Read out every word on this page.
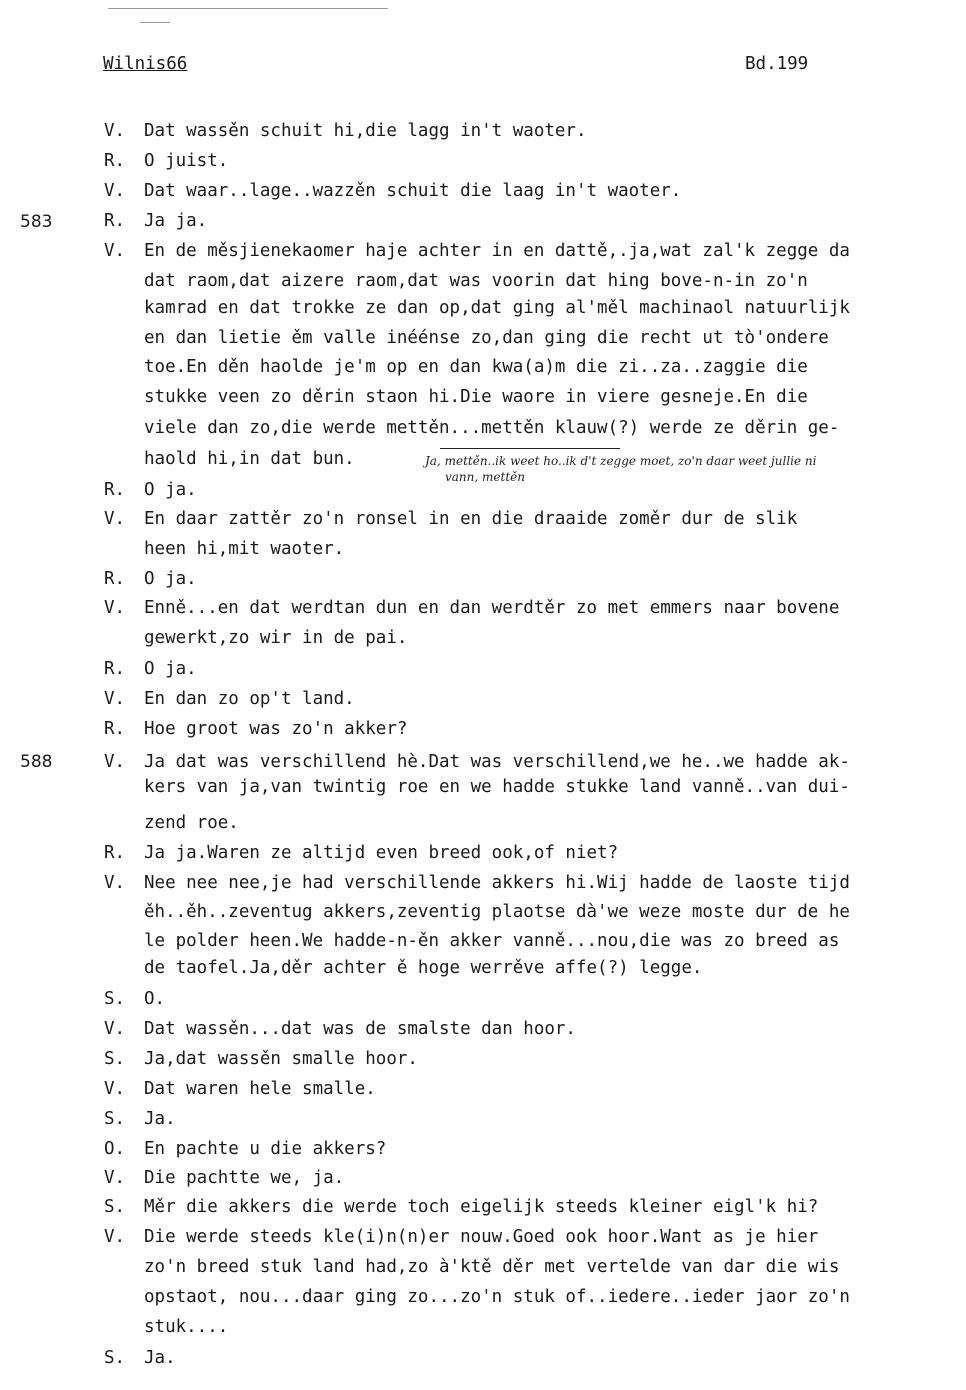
Wilnis66	Bd.199
583
588
V. Dat wassěn schuit hi,die lagg in't waoter.
R. O juist.
V. Dat waar..lage..wazzěn schuit die laag in't waoter.
R. Ja ja.
V. En de měsjienekaomer haje achter in en dattě,.ja,wat zal'k zegge da
dat raom,dat aizere raom,dat was voorin dat hing bove-n-in zo'n
kamrad en dat trokke ze dan op,dat ging al'měl machinaol natuurlijk
en dan lietie ěm valle inéénse zo,dan ging die recht ut tò'ondere
toe.En děn haolde je'm op en dan kwa(a)m die zi..za..zaggie die
stukke veen zo děrin staon hi.Die waore in viere gesneje.En die
viele dan zo,die werde mettěn...mettěn klauw(?) werde ze děrin ge-
haold hi,in dat bun.	Ja, mettěn..ik weet ho..ik d't zegge moet, zo'n daar weet jullie ni
vann, mettěn
R. O ja.
V. En daar zattěr zo'n ronsel in en die draaide zoměr dur de slik
heen hi,mit waoter.
R. O ja.
V. Enně...en dat werdtan dun en dan werdtěr zo met emmers naar bovene
gewerkt,zo wir in de pai.
R. O ja.
V. En dan zo op't land.
R. Hoe groot was zo'n akker?
V. Ja dat was verschillend hè.Dat was verschillend,we he..we hadde ak-
kers van ja,van twintig roe en we hadde stukke land vanně..van dui-
zend roe.
R. Ja ja.Waren ze altijd even breed ook,of niet?
V. Nee nee nee,je had verschillende akkers hi.Wij hadde de laoste tijd
ěh..ěh..zeventug akkers,zeventig plaotse dà'we weze moste dur de he
le polder heen.We hadde-n-ěn akker vanně...nou,die was zo breed as
de taofel.Ja,děr achter ě hoge werrěve affe(?) legge.
S. O.
V. Dat wassěn...dat was de smalste dan hoor.
S. Ja,dat wassěn smalle hoor.
V. Dat waren hele smalle.
S. Ja.
O. En pachte u die akkers?
V. Die pachtte we, ja.
S. Měr die akkers die werde toch eigelijk steeds kleiner eigl'k hi?
V. Die werde steeds kle(i)n(n)er nouw.Goed ook hoor.Want as je hier
zo'n breed stuk land had,zo à'ktě děr met vertelde van dar die wis
opstaot, nou...daar ging zo...zo'n stuk of..iedere..ieder jaor zo'n
stuk....
S. Ja.
